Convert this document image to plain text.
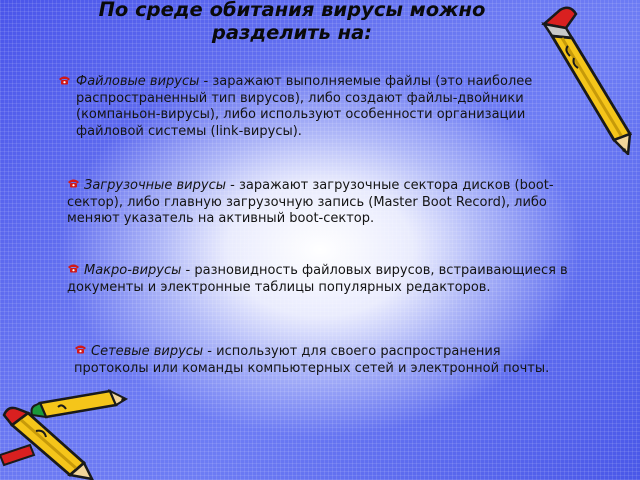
По среде обитания вирусы можно
разделить на:
Файловые вирусы - заражают выполняемые файлы (это наиболее распространенный тип вирусов), либо создают файлы-двойники (компаньон-вирусы), либо используют особенности организации файловой системы (link-вирусы).
Загрузочные вирусы - заражают загрузочные сектора дисков (boot-сектор), либо главную загрузочную запись (Master Boot Record), либо меняют указатель на активный boot-сектор.
Макро-вирусы - разновидность файловых вирусов, встраивающиеся в документы и электронные таблицы популярных редакторов.
Сетевые вирусы - используют для своего распространения протоколы или команды компьютерных сетей и электронной почты.
